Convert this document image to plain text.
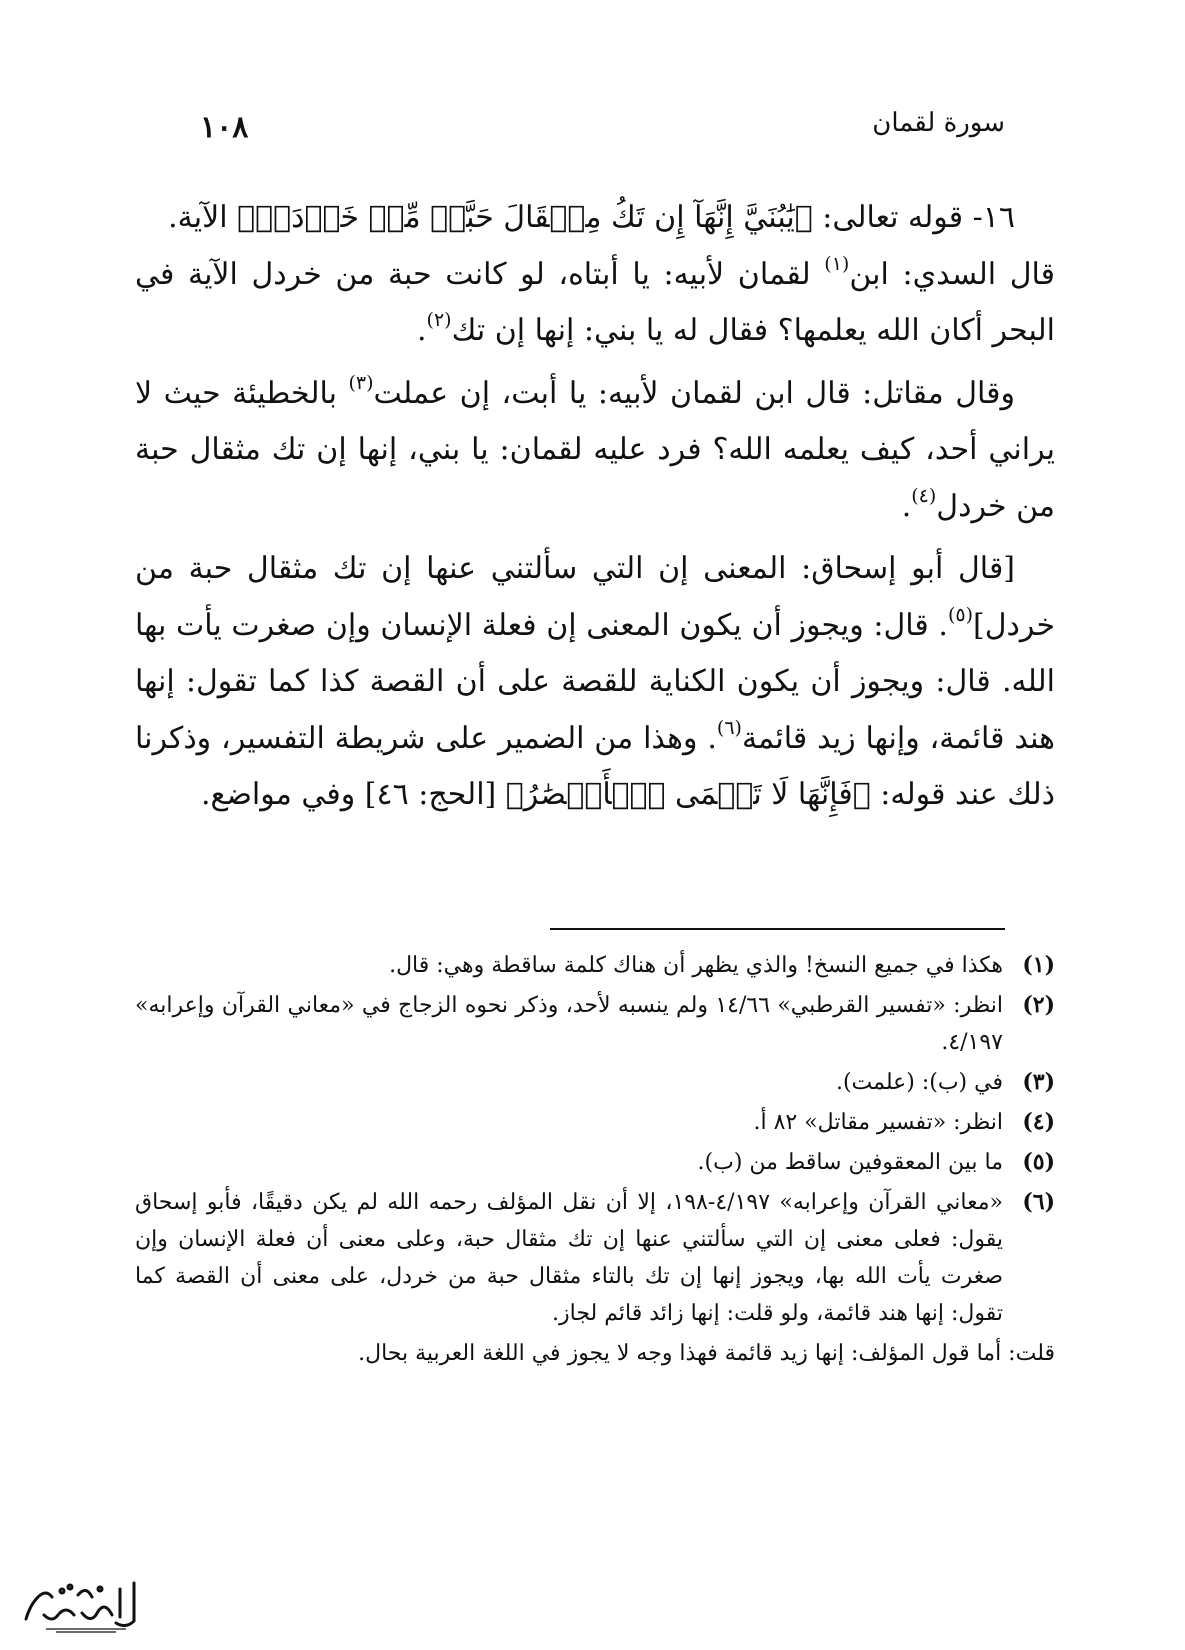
سورة لقمان
١٠٨

١٦- قوله تعالى: ﴿يَٰبُنَيَّ إِنَّهَآ إِن تَكُ مِثۡقَالَ حَبَّةٖ مِّنۡ خَرۡدَلٖ﴾ الآية.

قال السدي: ابن$^{(١)}$ لقمان لأبيه: يا أبتاه، لو كانت حبة من خردل الآية في البحر أكان الله يعلمها؟ فقال له يا بني: إنها إن تك$^{(٢)}$.

وقال مقاتل: قال ابن لقمان لأبيه: يا أبت، إن عملت$^{(٣)}$ بالخطيئة حيث لا يراني أحد، كيف يعلمه الله؟ فرد عليه لقمان: يا بني، إنها إن تك مثقال حبة من خردل$^{(٤)}$.

[قال أبو إسحاق: المعنى إن التي سألتني عنها إن تك مثقال حبة من خردل]$^{(٥)}$. قال: ويجوز أن يكون المعنى إن فعلة الإنسان وإن صغرت يأت بها الله. قال: ويجوز أن يكون الكناية للقصة على أن القصة كذا كما تقول: إنها هند قائمة، وإنها زيد قائمة$^{(٦)}$. وهذا من الضمير على شريطة التفسير، وذكرنا ذلك عند قوله: ﴿فَإِنَّهَا لَا تَعۡمَى ٱلۡأَبۡصَٰرُ﴾ [الحج: ٤٦] وفي مواضع.

(١)
هكذا في جميع النسخ! والذي يظهر أن هناك كلمة ساقطة وهي: قال.
(٢)
انظر: «تفسير القرطبي» ١٤/٦٦ ولم ينسبه لأحد، وذكر نحوه الزجاج في «معاني القرآن وإعرابه» ٤/١٩٧.
(٣)
في (ب): (علمت).
(٤)
انظر: «تفسير مقاتل» ٨٢ أ.
(٥)
ما بين المعقوفين ساقط من (ب).
(٦)
«معاني القرآن وإعرابه» ٤/١٩٧-١٩٨، إلا أن نقل المؤلف رحمه الله لم يكن دقيقًا، فأبو إسحاق يقول: فعلى معنى إن التي سألتني عنها إن تك مثقال حبة، وعلى معنى أن فعلة الإنسان وإن صغرت يأت الله بها، ويجوز إنها إن تك بالتاء مثقال حبة من خردل، على معنى أن القصة كما تقول: إنها هند قائمة، ولو قلت: إنها زائد قائم لجاز.
قلت: أما قول المؤلف: إنها زيد قائمة فهذا وجه لا يجوز في اللغة العربية بحال.
